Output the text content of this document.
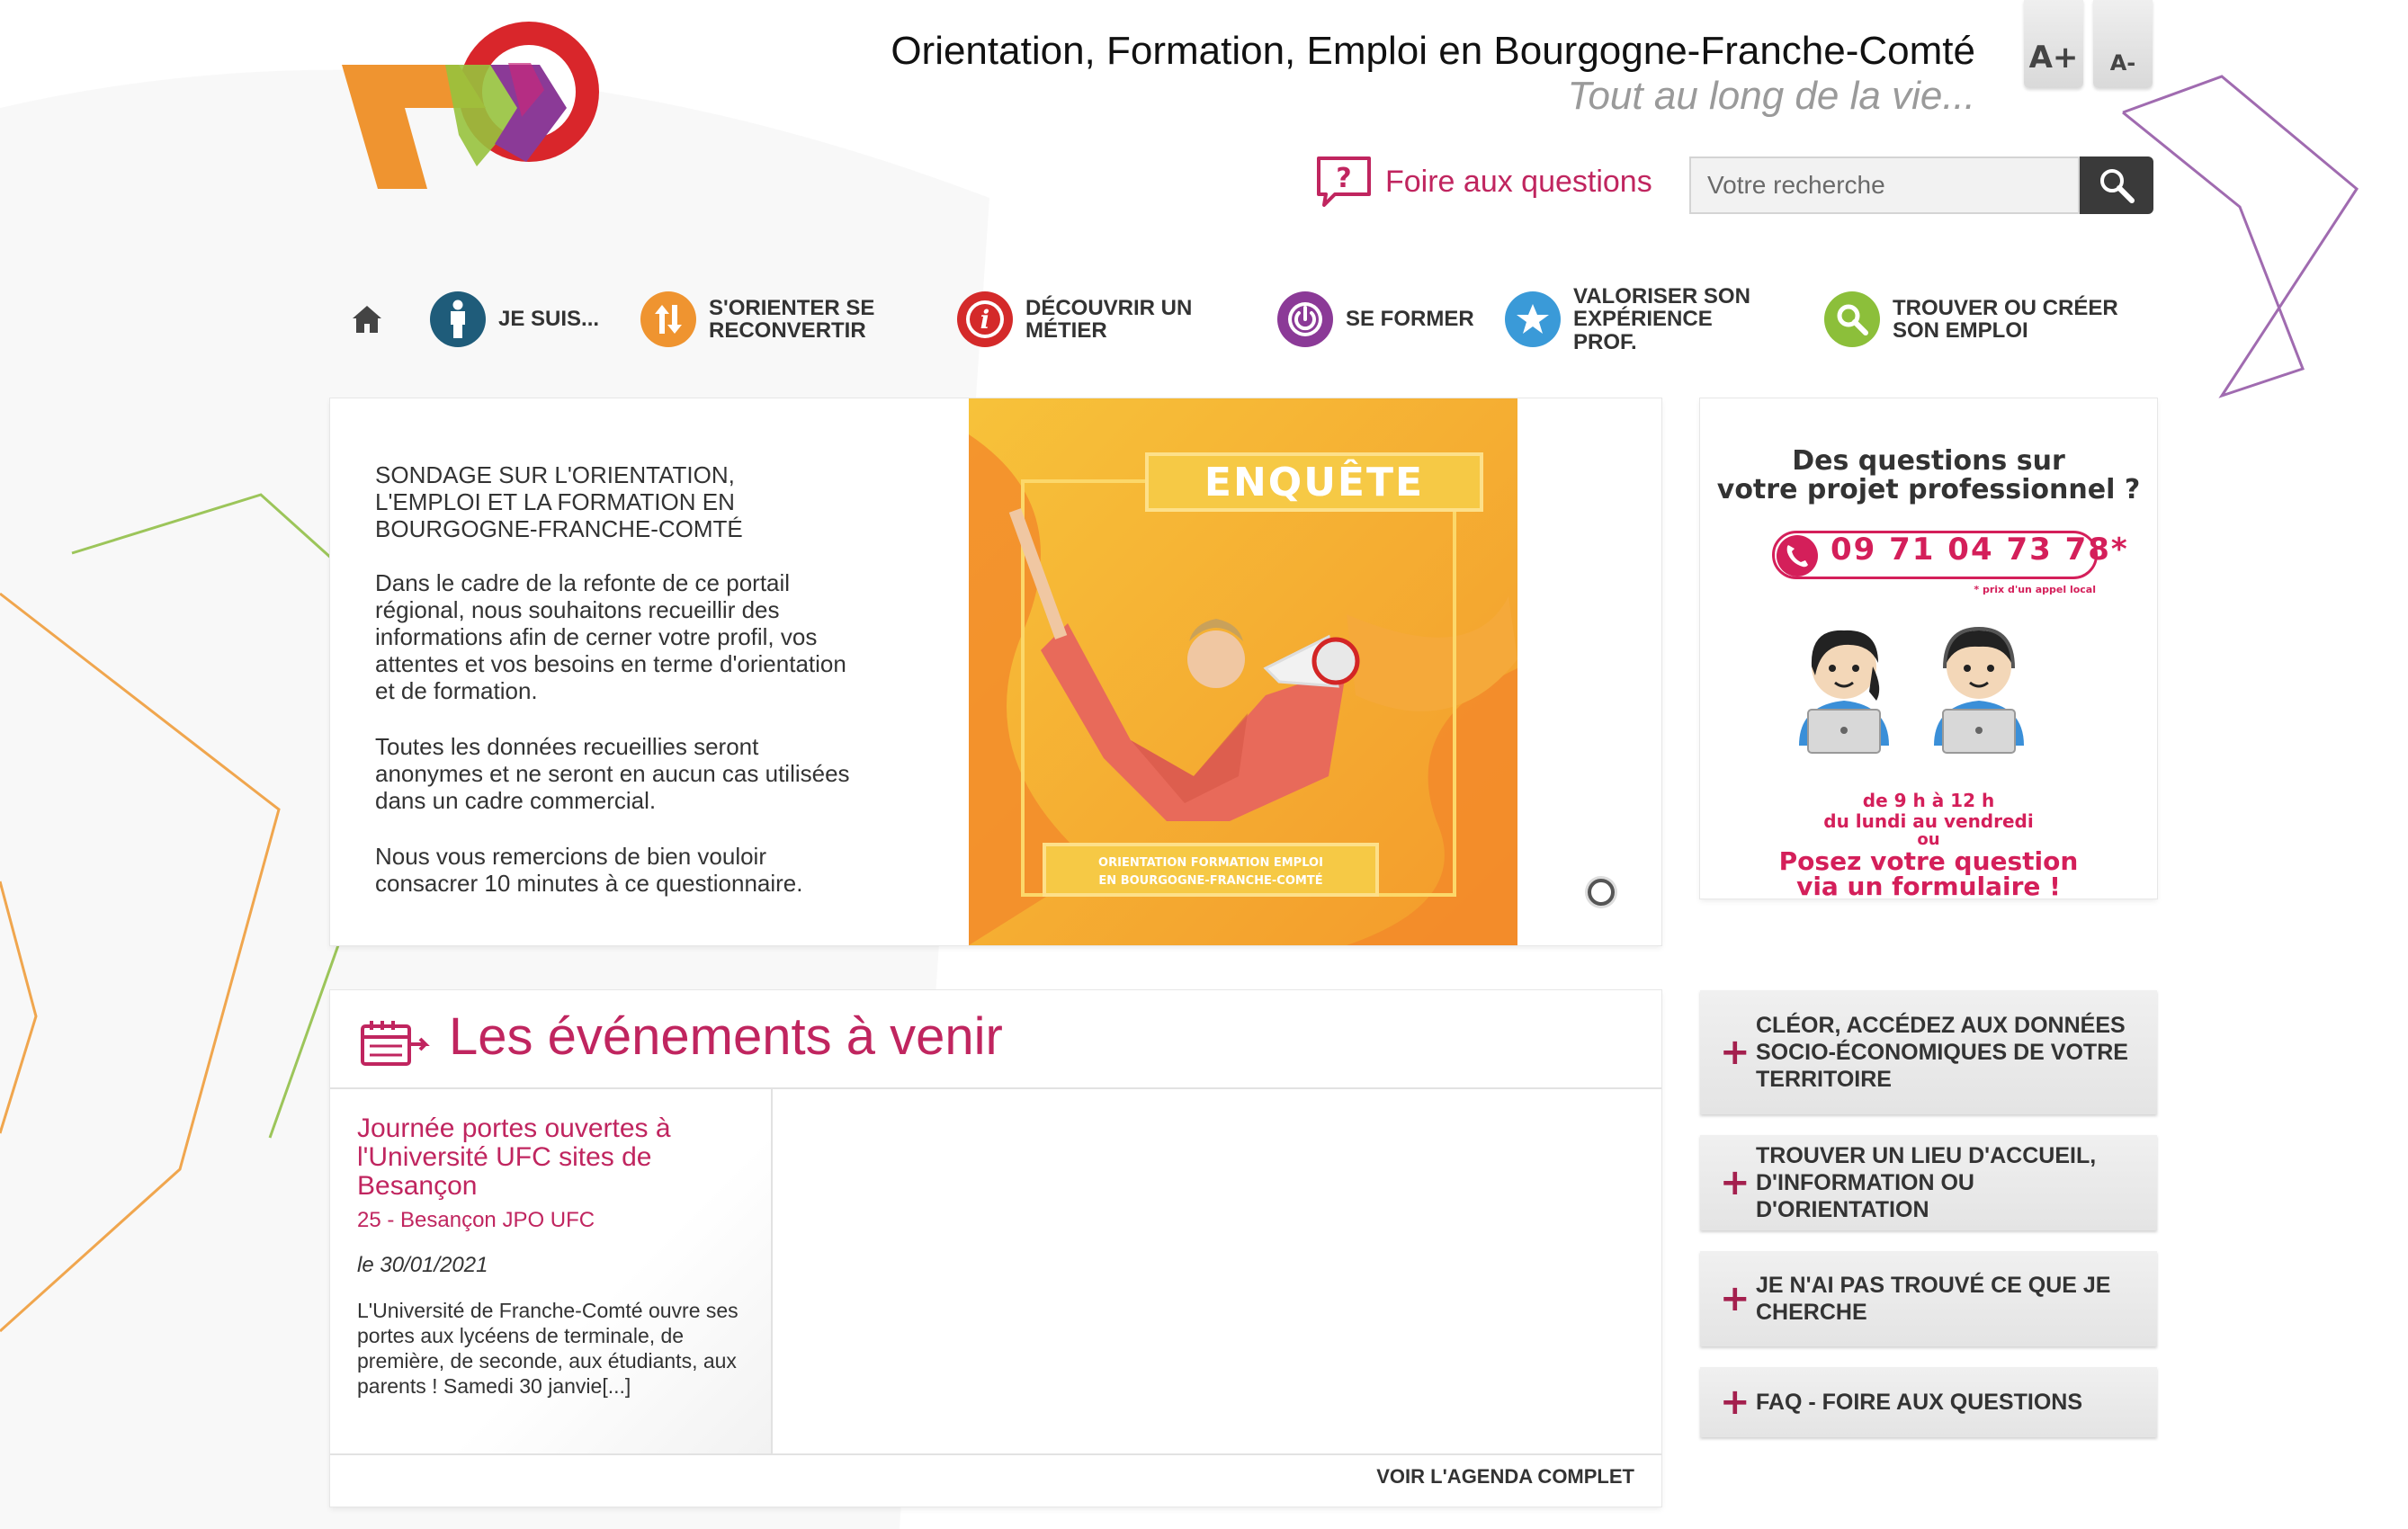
Orientation, Formation, Emploi en Bourgogne-Franche-Comté
Tout au long de la vie...
A+	A-
? Foire aux questions
Votre recherche
JE SUIS...	S'ORIENTER SE RECONVERTIR	i DÉCOUVRIR UN MÉTIER	SE FORMER
VALORISER SON EXPÉRIENCE PROF.
TROUVER OU CRÉER SON EMPLOI
SONDAGE SUR L'ORIENTATION, L'EMPLOI ET LA FORMATION EN BOURGOGNE-FRANCHE-COMTÉ
Dans le cadre de la refonte de ce portail régional, nous souhaitons recueillir des informations afin de cerner votre profil, vos attentes et vos besoins en terme d'orientation et de formation.
Toutes les données recueillies seront anonymes et ne seront en aucun cas utilisées dans un cadre commercial.
Nous vous remercions de bien vouloir consacrer 10 minutes à ce questionnaire.
ENQUÊTE
ORIENTATION FORMATION EMPLOI
EN BOURGOGNE-FRANCHE-COMTÉ
Des questions sur
votre projet professionnel ?
09 71 04 73 78*
* prix d'un appel local
de 9 h à 12 h
du lundi au vendredi
ou
Posez votre question
via un formulaire !
Les événements à venir
Journée portes ouvertes à l'Université UFC sites de Besançon
25 - Besançon JPO UFC
le 30/01/2021
L'Université de Franche-Comté ouvre ses portes aux lycéens de terminale, de première, de seconde, aux étudiants, aux parents ! Samedi 30 janvie[...]
VOIR L'AGENDA COMPLET
+
CLÉOR, ACCÉDEZ AUX DONNÉES SOCIO-ÉCONOMIQUES DE VOTRE TERRITOIRE
+
TROUVER UN LIEU D'ACCUEIL, D'INFORMATION OU D'ORIENTATION
+ JE N'AI PAS TROUVÉ CE QUE JE CHERCHE
+ FAQ - FOIRE AUX QUESTIONS
